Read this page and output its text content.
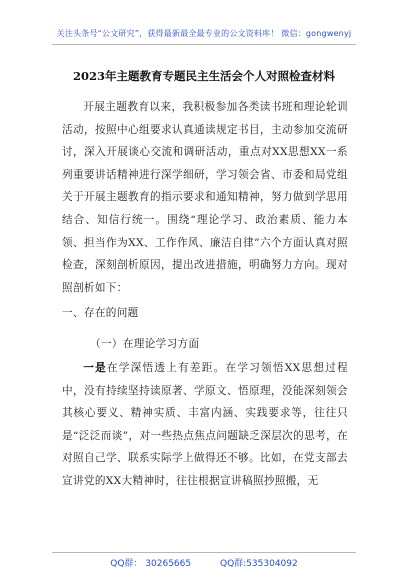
关注头条号“公文研究”，获得最新最全最专业的公文资料库！ 微信：gongwenyj
2023年主题教育专题民主生活会个人对照检查材料

开展主题教育以来，我积极参加各类读书班和理论轮训活动，按照中心组要求认真通读规定书目，主动参加交流研讨，深入开展谈心交流和调研活动，重点对XX思想XX一系列重要讲话精神进行深学细研，学习领会省、市委和局党组关于开展主题教育的指示要求和通知精神，努力做到学思用结合、知信行统一。围绕“理论学习、政治素质、能力本领、担当作为XX、工作作风、廉洁自律”六个方面认真对照检查，深刻剖析原因，提出改进措施，明确努力方向。现对照剖析如下：

一、存在的问题
（一）在理论学习方面

一是在学深悟透上有差距。在学习领悟XX思想过程中，没有持续坚持读原著、学原文、悟原理，没能深刻领会其核心要义、精神实质、丰富内涵、实践要求等，往往只是“泛泛而谈”，对一些热点焦点问题缺乏深层次的思考，在对照自己学、联系实际学上做得还不够。比如，在党支部去宣讲党的XX大精神时，往往根据宣讲稿照抄照搬，无

QQ群： 30265665	QQ群:535304092
